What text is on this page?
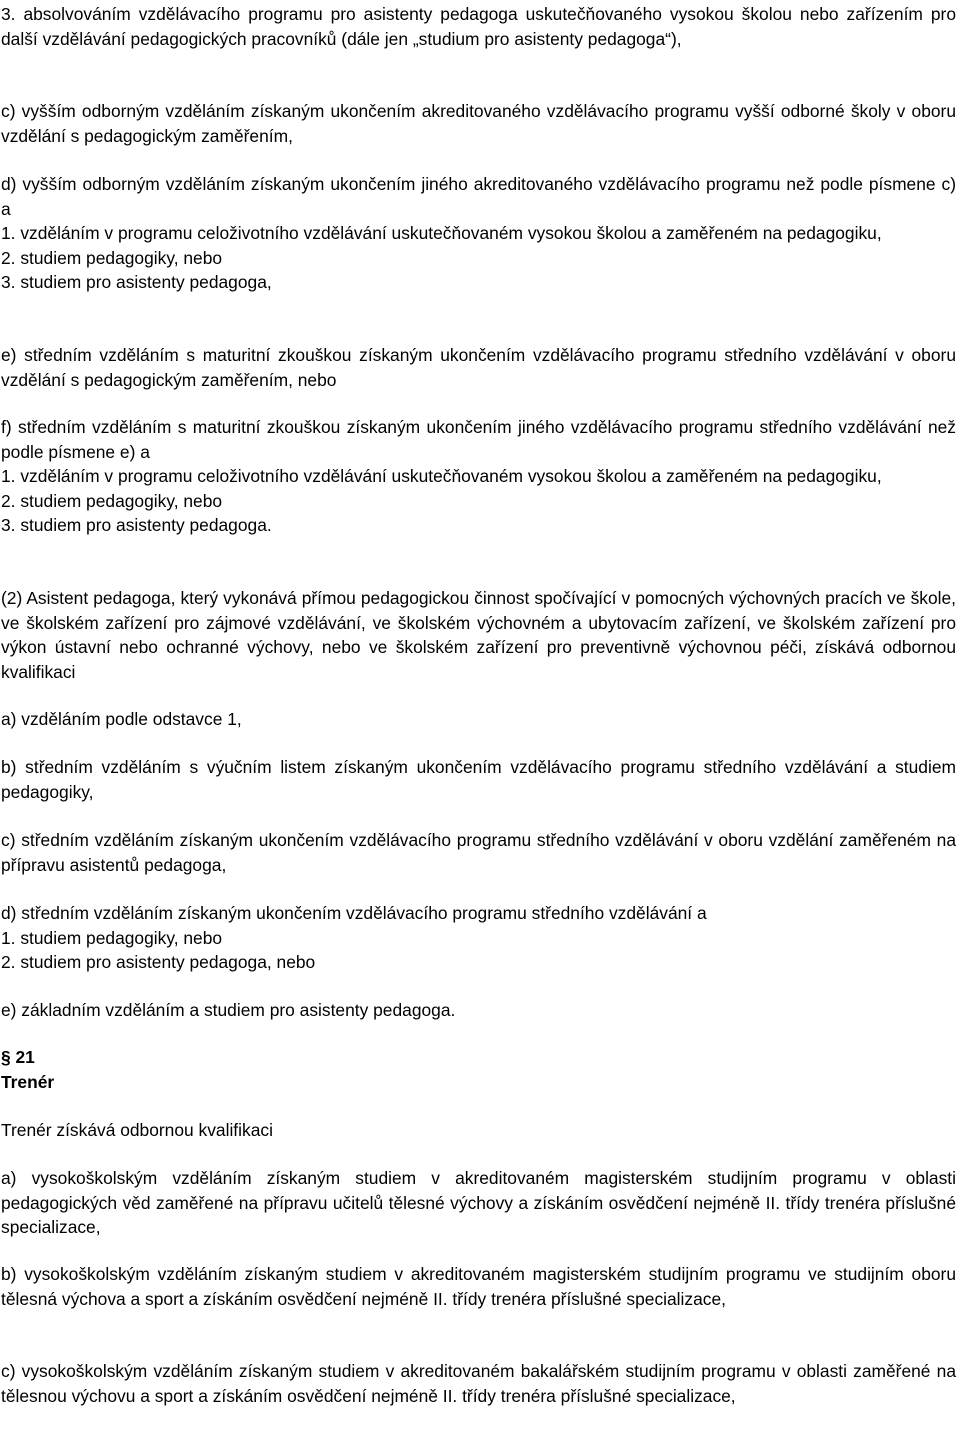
3. absolvováním vzdělávacího programu pro asistenty pedagoga uskutečňovaného vysokou školou nebo zařízením pro další vzdělávání pedagogických pracovníků (dále jen „studium pro asistenty pedagoga“),

c) vyšším odborným vzděláním získaným ukončením akreditovaného vzdělávacího programu vyšší odborné školy v oboru vzdělání s pedagogickým zaměřením,

d) vyšším odborným vzděláním získaným ukončením jiného akreditovaného vzdělávacího programu než podle písmene c) a

1. vzděláním v programu celoživotního vzdělávání uskutečňovaném vysokou školou a zaměřeném na pedagogiku,

2. studiem pedagogiky, nebo

3. studiem pro asistenty pedagoga,

e) středním vzděláním s maturitní zkouškou získaným ukončením vzdělávacího programu středního vzdělávání v oboru vzdělání s pedagogickým zaměřením, nebo

f) středním vzděláním s maturitní zkouškou získaným ukončením jiného vzdělávacího programu středního vzdělávání než podle písmene e) a

1. vzděláním v programu celoživotního vzdělávání uskutečňovaném vysokou školou a zaměřeném na pedagogiku,

2. studiem pedagogiky, nebo

3. studiem pro asistenty pedagoga.

(2) Asistent pedagoga, který vykonává přímou pedagogickou činnost spočívající v pomocných výchovných pracích ve škole, ve školském zařízení pro zájmové vzdělávání, ve školském výchovném a ubytovacím zařízení, ve školském zařízení pro výkon ústavní nebo ochranné výchovy, nebo ve školském zařízení pro preventivně výchovnou péči, získává odbornou kvalifikaci

a) vzděláním podle odstavce 1,

b) středním vzděláním s výučním listem získaným ukončením vzdělávacího programu středního vzdělávání a studiem pedagogiky,

c) středním vzděláním získaným ukončením vzdělávacího programu středního vzdělávání v oboru vzdělání zaměřeném na přípravu asistentů pedagoga,

d) středním vzděláním získaným ukončením vzdělávacího programu středního vzdělávání a

1. studiem pedagogiky, nebo

2. studiem pro asistenty pedagoga, nebo

e) základním vzděláním a studiem pro asistenty pedagoga.

§ 21

Trenér

Trenér získává odbornou kvalifikaci

a) vysokoškolským vzděláním získaným studiem v akreditovaném magisterském studijním programu v oblasti pedagogických věd zaměřené na přípravu učitelů tělesné výchovy a získáním osvědčení nejméně II. třídy trenéra příslušné specializace,

b) vysokoškolským vzděláním získaným studiem v akreditovaném magisterském studijním programu ve studijním oboru tělesná výchova a sport a získáním osvědčení nejméně II. třídy trenéra příslušné specializace,

c) vysokoškolským vzděláním získaným studiem v akreditovaném bakalářském studijním programu v oblasti zaměřené na tělesnou výchovu a sport a získáním osvědčení nejméně II. třídy trenéra příslušné specializace,
